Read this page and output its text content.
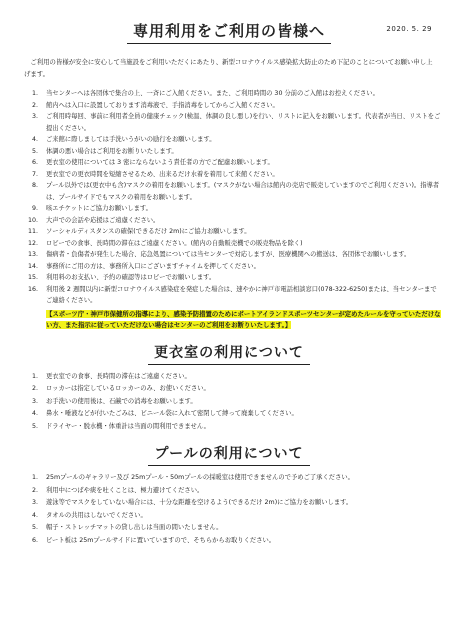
2020. 5. 29
専用利用をご利用の皆様へ

ご利用の皆様が安全に安心して当施設をご利用いただくにあたり、新型コロナウイルス感染拡大防止のため下記のことについてお願い申し上げます。

1.	当センターへは各団体で集合の上、一斉にご入館ください。また、ご利用時間の 30 分前のご入館はお控えください。
2.	館内へは入口に設置しております消毒液で、手指消毒をしてからご入館ください。
3.	ご利用時毎回、事前に利用者全員の健康チェック(検温、体調の良し悪し)を行い、リストに記入をお願いします。代表者が当日、リストをご提出ください。
4.	ご来館に際しましては手洗いうがいの励行をお願いします。
5.	体調の悪い場合はご利用をお断りいたします。
6.	更衣室の使用については 3 密にならないよう責任者の方でご配慮お願いします。
7.	更衣室での更衣時間を短縮させるため、出来るだけ水着を着用して来館ください。
8.	プール以外では(更衣中も含)マスクの着用をお願いします。(マスクがない場合は館内の売店で販売していますのでご利用ください)。指導者は、プールサイドでもマスクの着用をお願いします。
9.	咳エチケットにご協力お願いします。
10.	大声での会話や応援はご遠慮ください。
11.	ソーシャルディスタンスの確保(できるだけ 2m)にご協力お願いします。
12.	ロビーでの食事、長時間の滞在はご遠慮ください。(館内の自動販売機での販売物品を除く)
13.	傷病者・負傷者が発生した場合、応急処置については当センターで対応しますが、医療機関への搬送は、各団体でお願いします。
14.	事務所にご用の方は、事務所入口にございますチャイムを押してください。
15.	利用料のお支払い、予約の確認等はロビーでお願いします。
16.	利用後 2 週間以内に新型コロナウイルス感染症を発症した場合は、速やかに神戸市電話相談窓口(078-322-6250)または、当センターまでご連絡ください。
【スポーツ庁・神戸市保健所の指導により、感染予防措置のためにポートアイランドスポーツセンターが定めたルールを守っていただけない方、また指示に従っていただけない場合はセンターのご利用をお断りいたします。】
更衣室の利用について
1.	更衣室での食事、長時間の滞在はご遠慮ください。
2.	ロッカーは指定しているロッカーのみ、お使いください。
3.	お手洗いの使用後は、石鹸での消毒をお願いします。
4.	鼻水・唾液などが付いたごみは、ビニール袋に入れて密閉して縛って廃棄してください。
5.	ドライヤー・脱水機・体重計は当面の間利用できません。
プールの利用について
1.	25mプールのギャラリー及び 25mプール・50mプールの採暖室は使用できませんので予めご了承ください。
2.	利用中につばや痰を吐くことは、極力避けてください。
3.	遊泳等でマスクをしていない場合には、十分な距離を空けるよう(できるだけ 2m)にご協力をお願いします。
4.	タオルの共用はしないでください。
5.	帽子・ストレッチマットの貸し出しは当面の間いたしません。
6.	ビート板は 25mプールサイドに置いていますので、そちらからお取りください。
